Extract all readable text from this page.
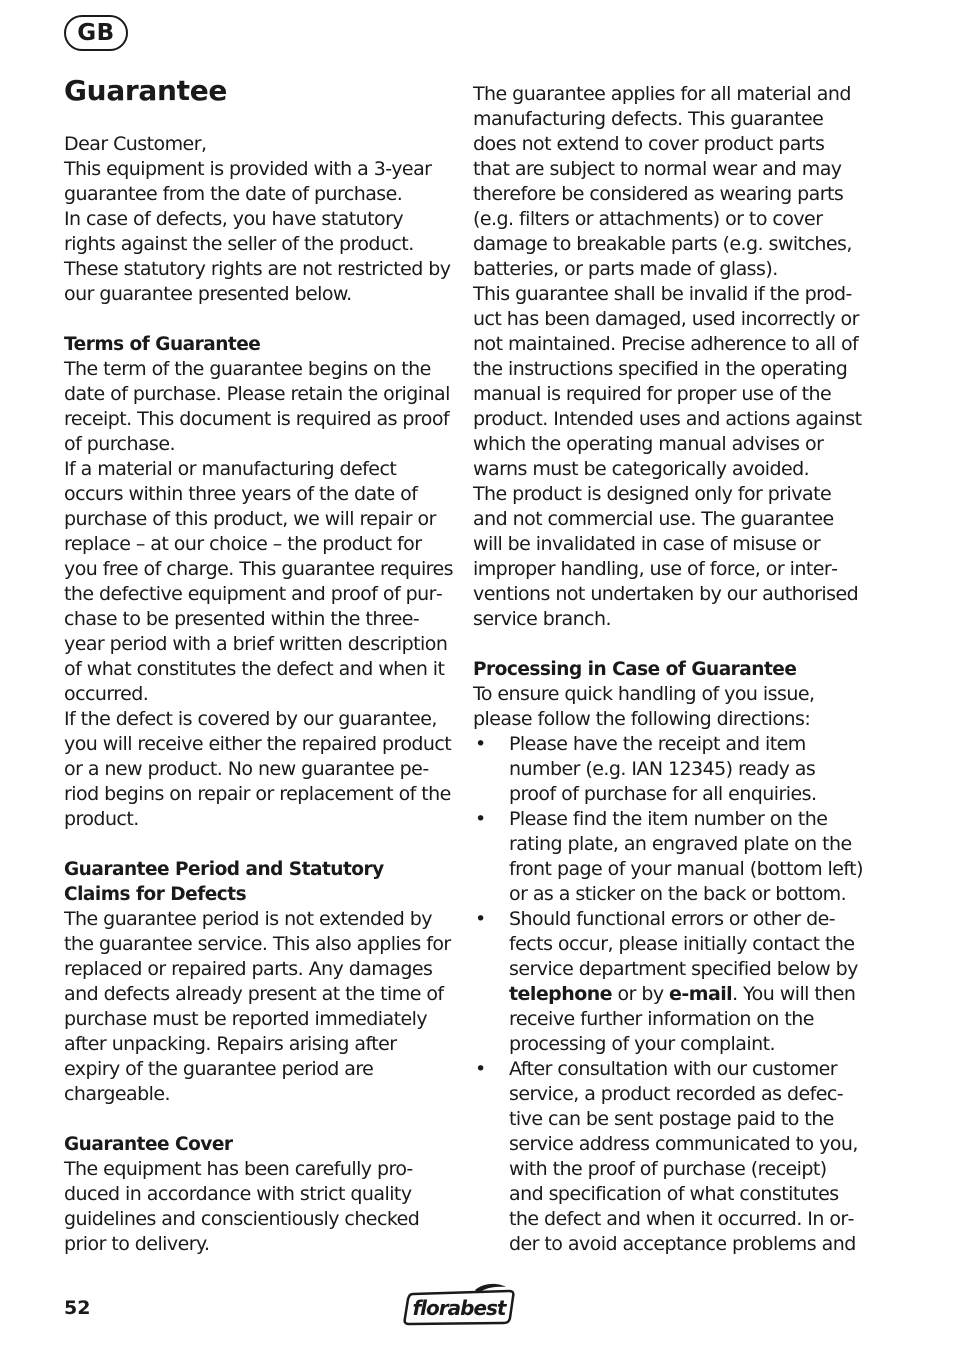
GB
Guarantee

Dear Customer,

This equipment is provided with a 3-year guarantee from the date of purchase.

In case of defects, you have statutory rights against the seller of the product. These statutory rights are not restricted by our guarantee presented below.

Terms of Guarantee

The term of the guarantee begins on the date of purchase. Please retain the original receipt. This document is required as proof of purchase.

If a material or manufacturing defect occurs within three years of the date of purchase of this product, we will repair or replace – at our choice – the product for you free of charge. This guarantee requires the defective equipment and proof of purchase to be presented within the three-year period with a brief written description of what constitutes the defect and when it occurred.

If the defect is covered by our guarantee, you will receive either the repaired product or a new product. No new guarantee period begins on repair or replacement of the product.

Guarantee Period and Statutory Claims for Defects

The guarantee period is not extended by the guarantee service. This also applies for replaced or repaired parts. Any damages and defects already present at the time of purchase must be reported immediately after unpacking. Repairs arising after expiry of the guarantee period are chargeable.

Guarantee Cover

The equipment has been carefully produced in accordance with strict quality guidelines and conscientiously checked prior to delivery.

The guarantee applies for all material and manufacturing defects. This guarantee does not extend to cover product parts that are subject to normal wear and may therefore be considered as wearing parts (e.g. filters or attachments) or to cover damage to breakable parts (e.g. switches, batteries, or parts made of glass).

This guarantee shall be invalid if the product has been damaged, used incorrectly or not maintained. Precise adherence to all of the instructions specified in the operating manual is required for proper use of the product. Intended uses and actions against which the operating manual advises or warns must be categorically avoided.

The product is designed only for private and not commercial use. The guarantee will be invalidated in case of misuse or improper handling, use of force, or interventions not undertaken by our authorised service branch.

Processing in Case of Guarantee

To ensure quick handling of you issue, please follow the following directions:

• Please have the receipt and item number (e.g. IAN 12345) ready as proof of purchase for all enquiries.
• Please find the item number on the rating plate, an engraved plate on the front page of your manual (bottom left) or as a sticker on the back or bottom.
• Should functional errors or other defects occur, please initially contact the service department specified below by telephone or by e-mail. You will then receive further information on the processing of your complaint.
• After consultation with our customer service, a product recorded as defective can be sent postage paid to the service address communicated to you, with the proof of purchase (receipt) and specification of what constitutes the defect and when it occurred. In order to avoid acceptance problems and
52	florabest
